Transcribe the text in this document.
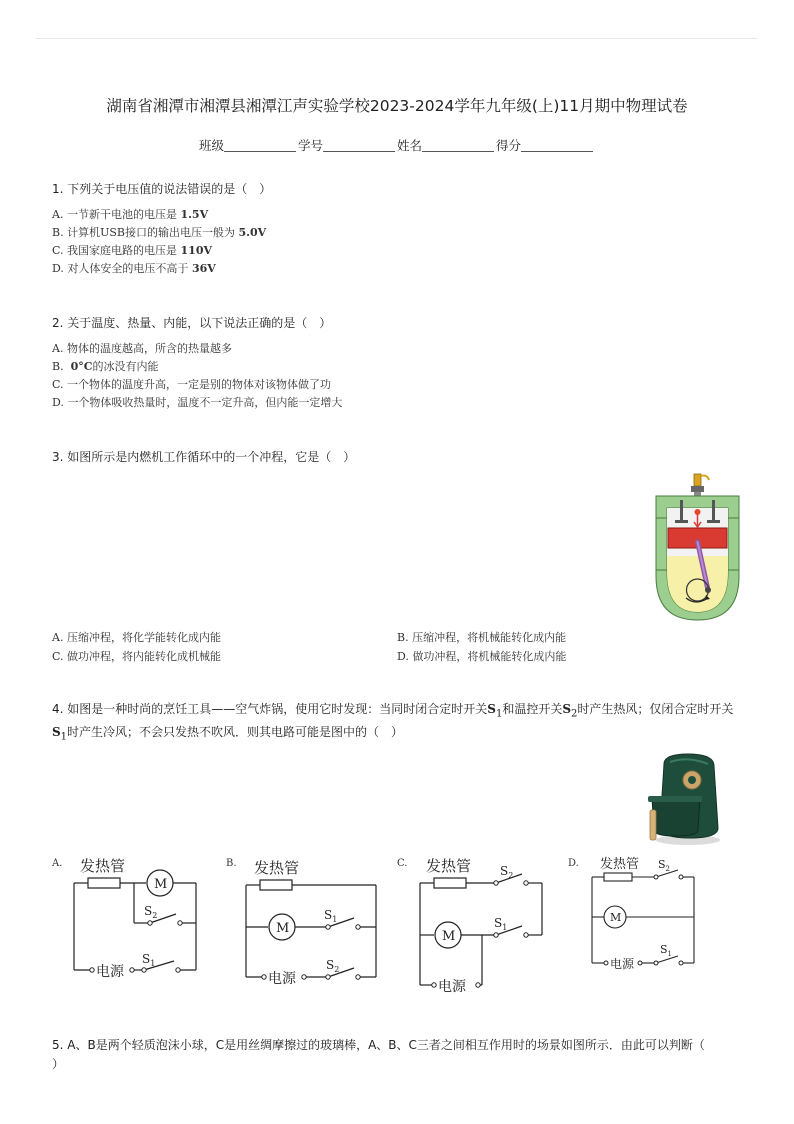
湖南省湘潭市湘潭县湘潭江声实验学校2023-2024学年九年级(上)11月期中物理试卷
班级	学号	姓名	得分
1. 下列关于电压值的说法错误的是（　）
A. 一节新干电池的电压是 1.5V
B. 计算机USB接口的输出电压一般为 5.0V
C. 我国家庭电路的电压是 110V
D. 对人体安全的电压不高于 36V
2. 关于温度、热量、内能，以下说法正确的是（　）
A. 物体的温度越高，所含的热量越多
B. 0°C的冰没有内能
C. 一个物体的温度升高，一定是别的物体对该物体做了功
D. 一个物体吸收热量时，温度不一定升高，但内能一定增大
3. 如图所示是内燃机工作循环中的一个冲程，它是（　）
A. 压缩冲程，将化学能转化成内能	B. 压缩冲程，将机械能转化成内能
C. 做功冲程，将内能转化成机械能	D. 做功冲程，将机械能转化成内能
4. 如图是一种时尚的烹饪工具——空气炸锅，使用它时发现：当同时闭合定时开关$S_1$和温控开关$S_2$时产生热风；仅闭合定时开关
$S_1$时产生冷风；不会只发热不吹风．则其电路可能是图中的（　）
A. 发热管
M
$S_2$
$S_1$
电源
B. 发热管
M
$S_1$
$S_2$
电源
C. 发热管 $S_2$
M
$S_1$
电源
D. 发热管 $S_2$
M
$S_1$
电源
5. A、B是两个轻质泡沫小球，C是用丝绸摩擦过的玻璃棒，A、B、C三者之间相互作用时的场景如图所示．由此可以判断（
）
